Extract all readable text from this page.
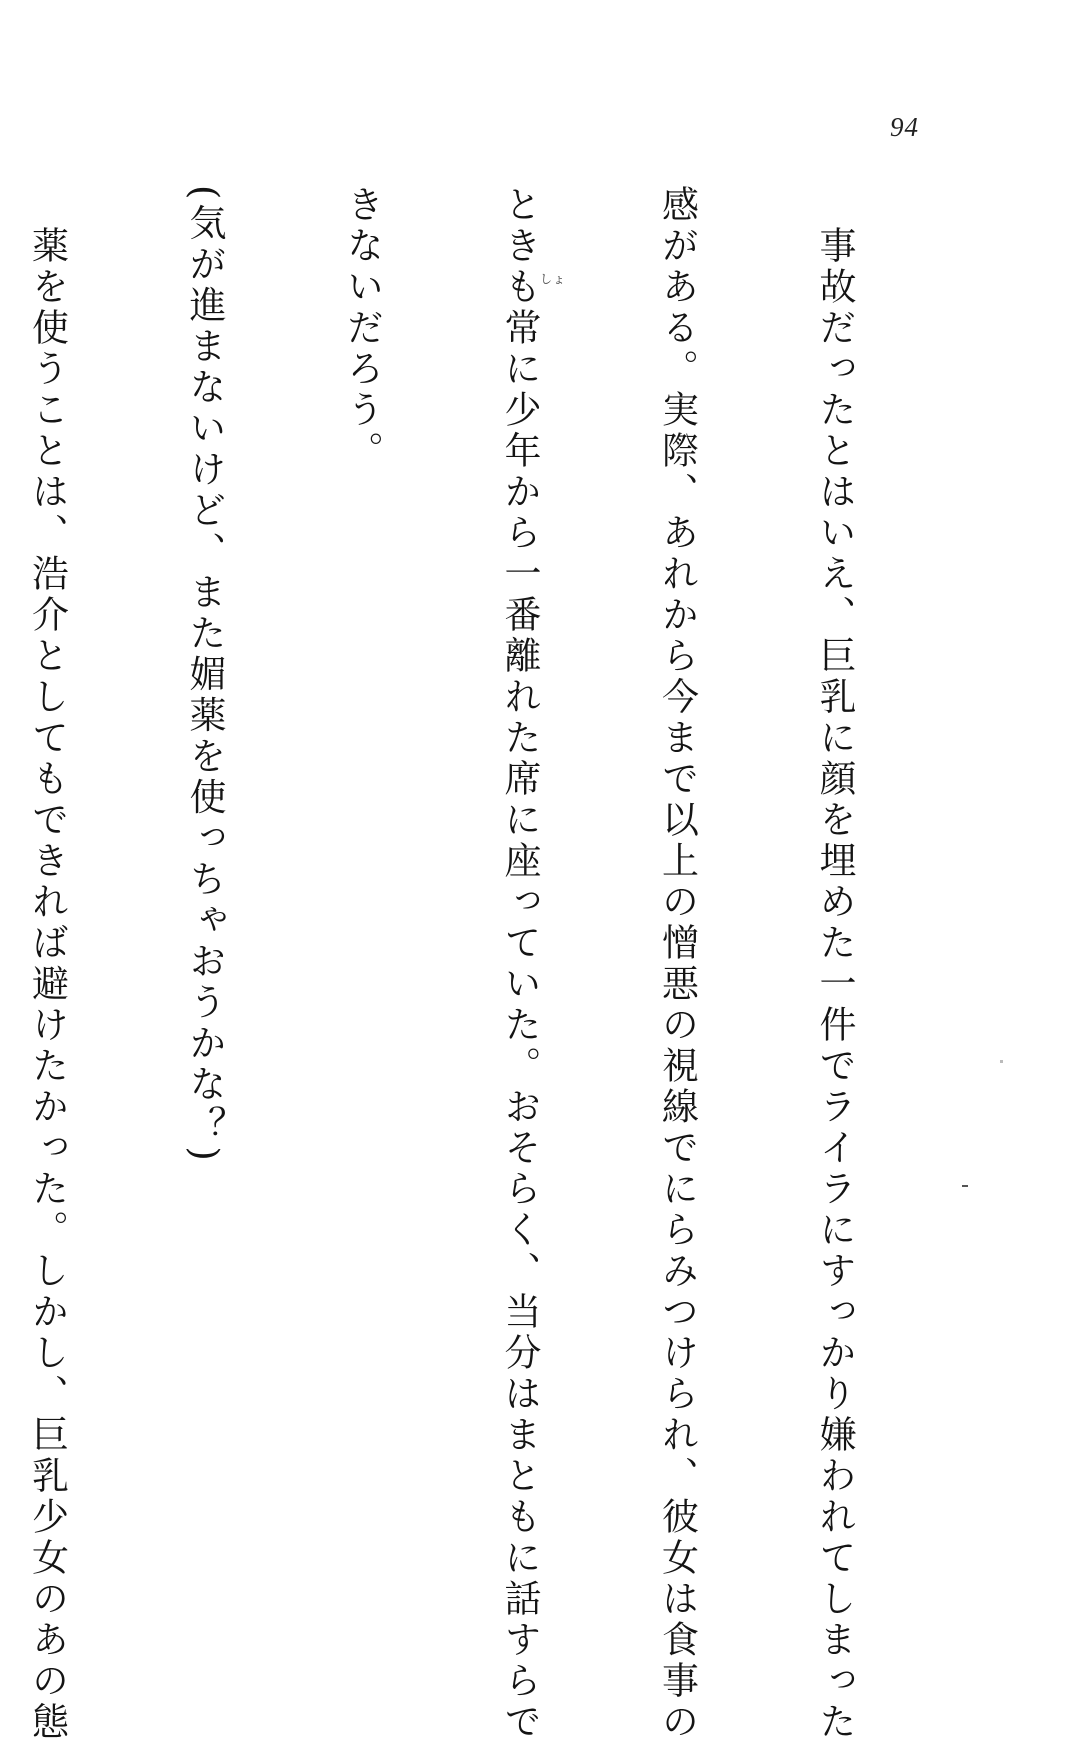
94
しょ

	　事故だったとはいえ、巨乳に顔を埋めた一件でライラにすっかり嫌われてしまった

感がある。実際、あれから今まで以上の憎悪の視線でにらみつけられ、彼女は食事の

ときも常に少年から一番離れた席に座っていた。おそらく、当分はまともに話すらで

きないだろう。

(気が進まないけど、また媚薬を使っちゃおうかな？)

　薬を使うことは、浩介としてもできれば避けたかった。しかし、巨乳少女のあの態
